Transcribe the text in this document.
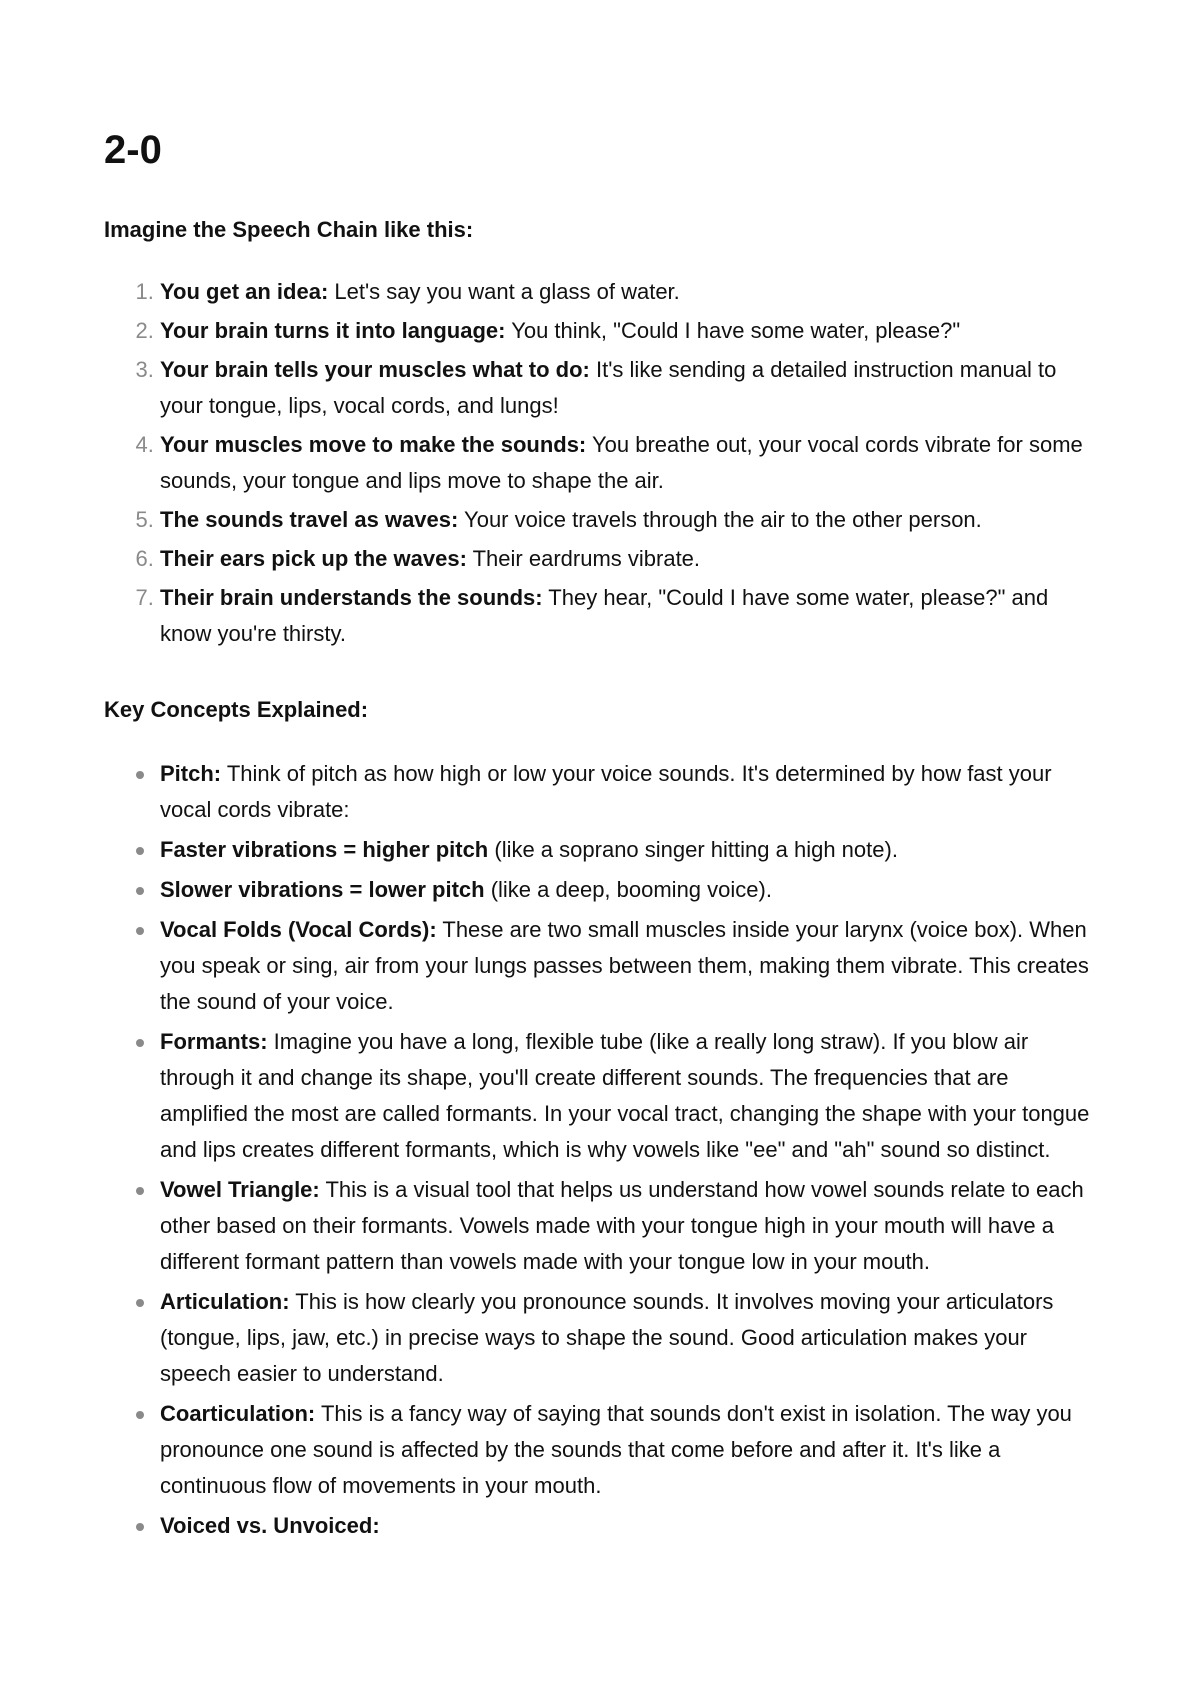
2-0

Imagine the Speech Chain like this:

1. You get an idea: Let's say you want a glass of water.
2. Your brain turns it into language: You think, "Could I have some water, please?"
3. Your brain tells your muscles what to do: It's like sending a detailed instruction manual to your tongue, lips, vocal cords, and lungs!
4. Your muscles move to make the sounds: You breathe out, your vocal cords vibrate for some sounds, your tongue and lips move to shape the air.
5. The sounds travel as waves: Your voice travels through the air to the other person.
6. Their ears pick up the waves: Their eardrums vibrate.
7. Their brain understands the sounds: They hear, "Could I have some water, please?" and know you're thirsty.

Key Concepts Explained:

Pitch: Think of pitch as how high or low your voice sounds. It's determined by how fast your vocal cords vibrate:
Faster vibrations = higher pitch (like a soprano singer hitting a high note).
Slower vibrations = lower pitch (like a deep, booming voice).
Vocal Folds (Vocal Cords): These are two small muscles inside your larynx (voice box). When you speak or sing, air from your lungs passes between them, making them vibrate. This creates the sound of your voice.
Formants: Imagine you have a long, flexible tube (like a really long straw). If you blow air through it and change its shape, you'll create different sounds. The frequencies that are amplified the most are called formants. In your vocal tract, changing the shape with your tongue and lips creates different formants, which is why vowels like "ee" and "ah" sound so distinct.
Vowel Triangle: This is a visual tool that helps us understand how vowel sounds relate to each other based on their formants. Vowels made with your tongue high in your mouth will have a different formant pattern than vowels made with your tongue low in your mouth.
Articulation: This is how clearly you pronounce sounds. It involves moving your articulators (tongue, lips, jaw, etc.) in precise ways to shape the sound. Good articulation makes your speech easier to understand.
Coarticulation: This is a fancy way of saying that sounds don't exist in isolation. The way you pronounce one sound is affected by the sounds that come before and after it. It's like a continuous flow of movements in your mouth.
Voiced vs. Unvoiced:
